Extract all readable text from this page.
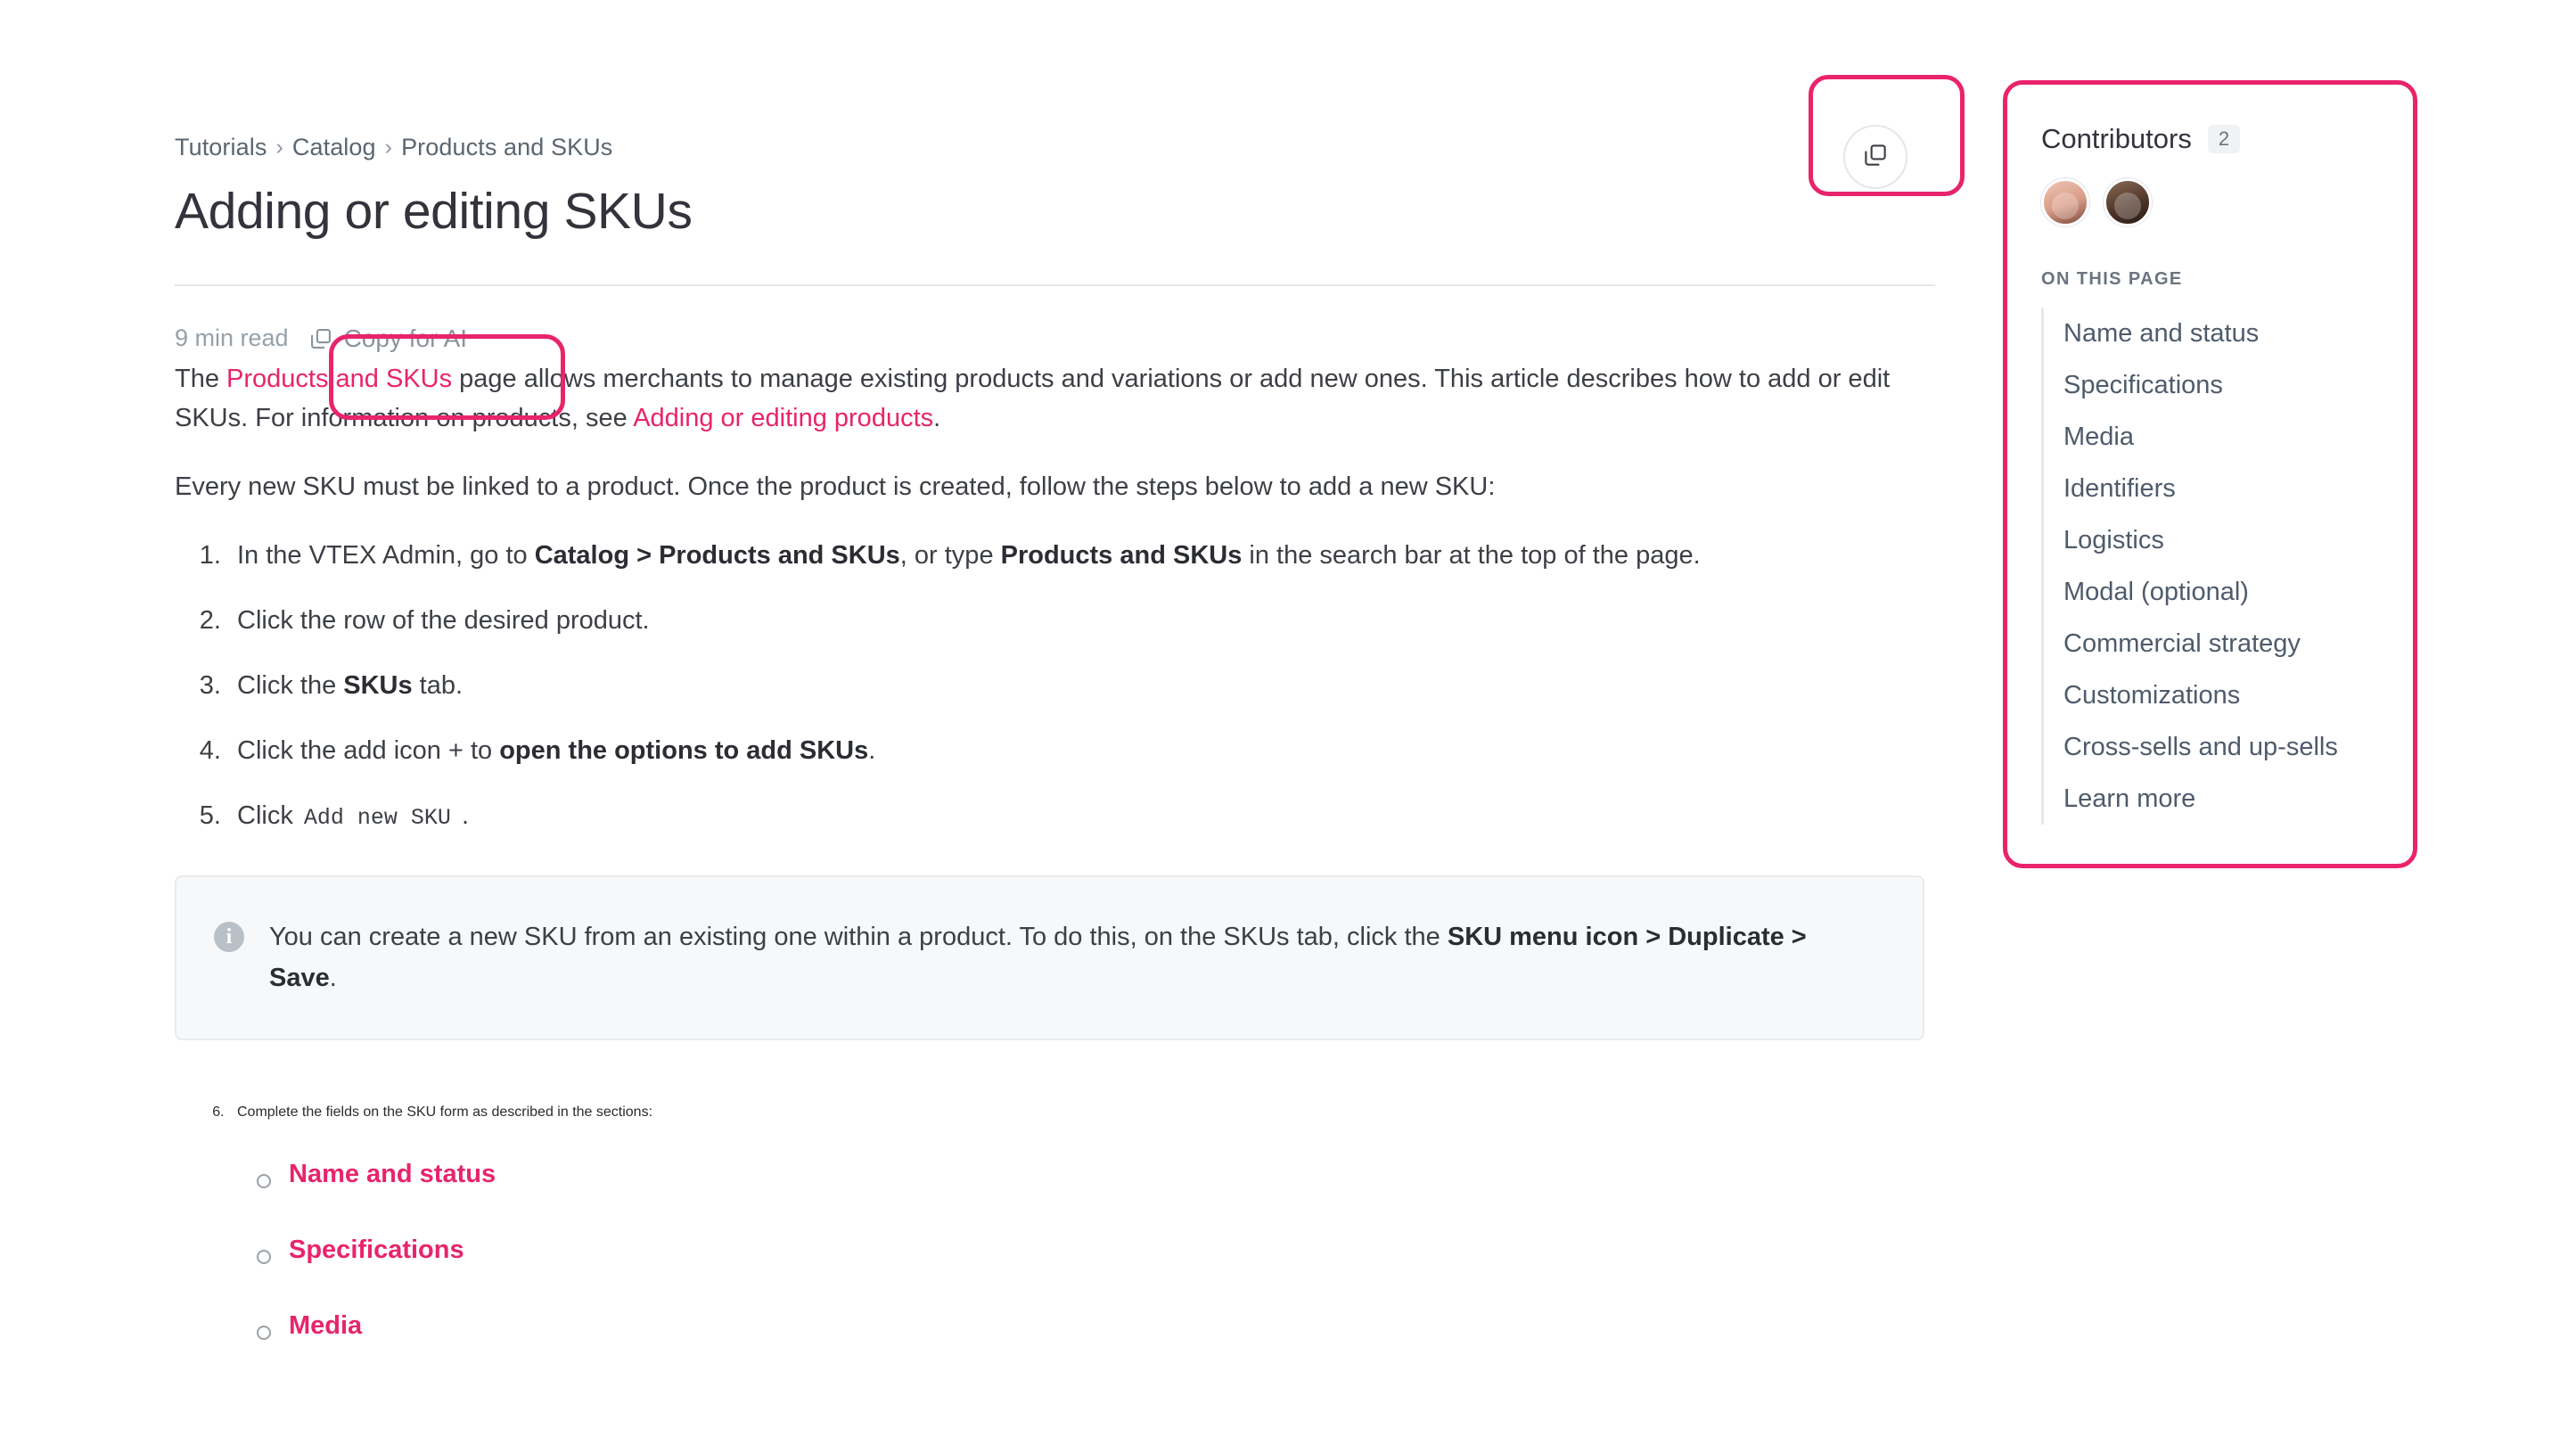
Tutorials › Catalog › Products and SKUs
Adding or editing SKUs
9 min read Copy for AI

The Products and SKUs page allows merchants to manage existing products and variations or add new ones. This article describes how to add or edit SKUs. For information on products, see Adding or editing products.

Every new SKU must be linked to a product. Once the product is created, follow the steps below to add a new SKU:

1. In the VTEX Admin, go to Catalog > Products and SKUs, or type Products and SKUs in the search bar at the top of the page.
2. Click the row of the desired product.
3. Click the SKUs tab.
4. Click the add icon + to open the options to add SKUs.
5. Click Add new SKU .
i	You can create a new SKU from an existing one within a product. To do this, on the SKUs tab, click the SKU menu icon > Duplicate > Save.
6. Complete the fields on the SKU form as described in the sections:
Name and status
Specifications
Media
Contributors	2
ON THIS PAGE
Name and status
Specifications
Media
Identifiers
Logistics
Modal (optional)
Commercial strategy
Customizations
Cross-sells and up-sells
Learn more
